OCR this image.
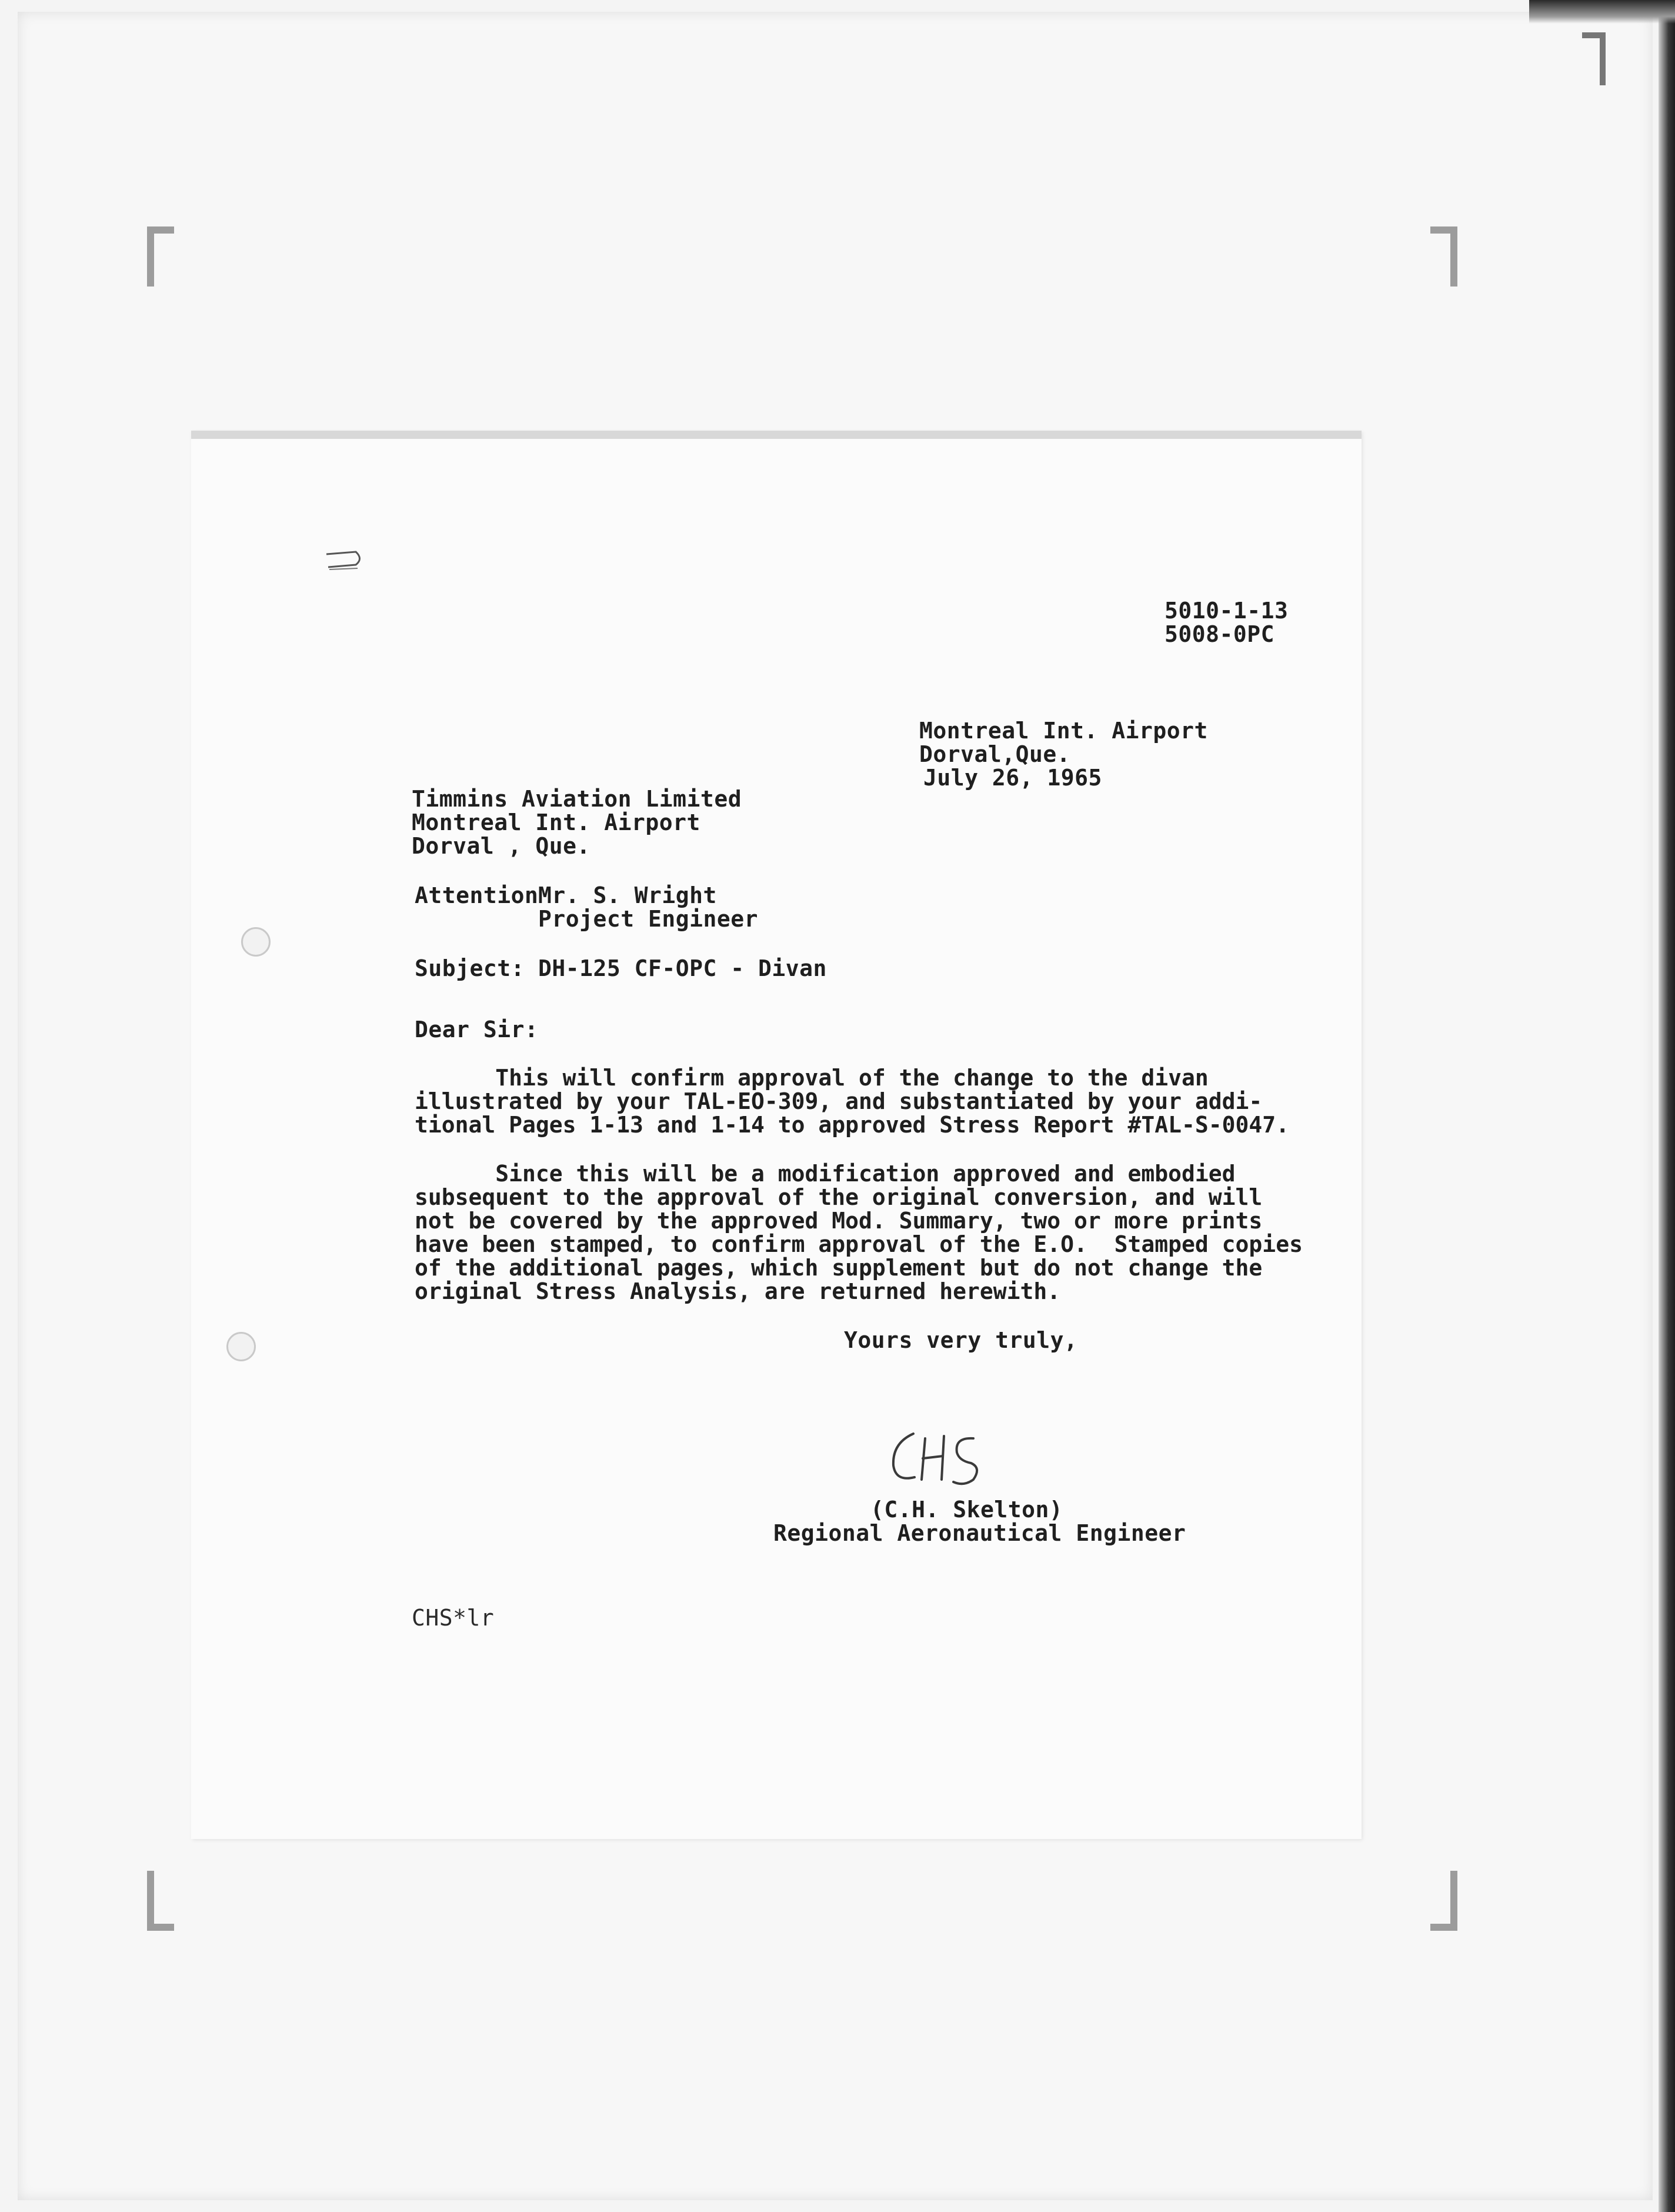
5010-1-13
5008-0PC
Montreal Int. Airport
Dorval,Que.
July 26, 1965
Timmins Aviation Limited
Montreal Int. Airport
Dorval , Que.
Attention Mr. S. Wright
Project Engineer
Subject: DH-125 CF-OPC - Divan
Dear Sir:
This will confirm approval of the change to the divan
illustrated by your TAL-EO-309, and substantiated by your addi-
tional Pages 1-13 and 1-14 to approved Stress Report #TAL-S-0047.
Since this will be a modification approved and embodied
subsequent to the approval of the original conversion, and will
not be covered by the approved Mod. Summary, two or more prints
have been stamped, to confirm approval of the E.O.  Stamped copies
of the additional pages, which supplement but do not change the
original Stress Analysis, are returned herewith.
Yours very truly,
(C.H. Skelton)
Regional Aeronautical Engineer
CHS*lr
